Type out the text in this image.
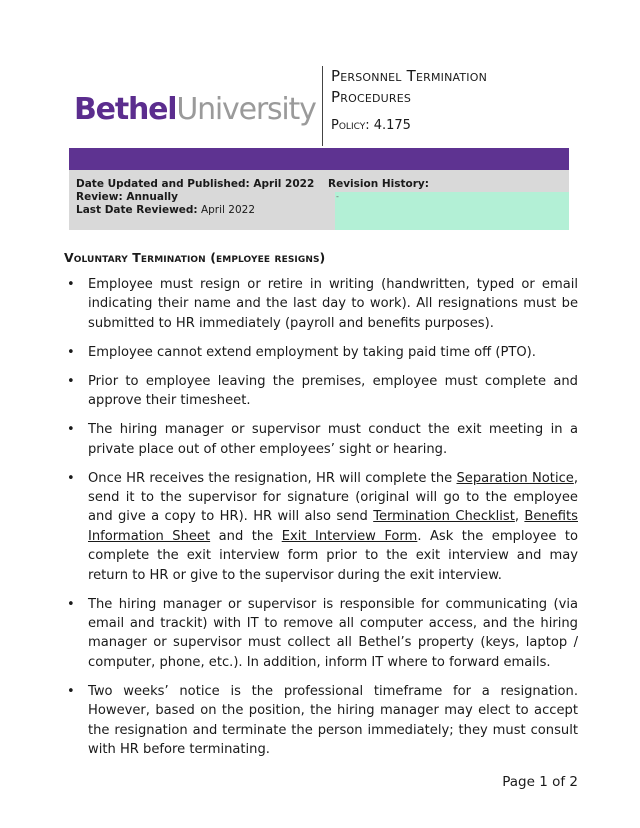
BethelUniversity
Personnel Termination
Procedures
Policy: 4.175
Date Updated and Published: April 2022
Review: Annually
Last Date Reviewed: April 2022
Revision History:
-
Voluntary Termination (employee resigns)
• Employee must resign or retire in writing (handwritten, typed or email indicating their name and the last day to work). All resignations must be submitted to HR immediately (payroll and benefits purposes).
• Employee cannot extend employment by taking paid time off (PTO).
• Prior to employee leaving the premises, employee must complete and approve their timesheet.
• The hiring manager or supervisor must conduct the exit meeting in a private place out of other employees’ sight or hearing.
• Once HR receives the resignation, HR will complete the Separation Notice, send it to the supervisor for signature (original will go to the employee and give a copy to HR). HR will also send Termination Checklist, Benefits Information Sheet and the Exit Interview Form. Ask the employee to complete the exit interview form prior to the exit interview and may return to HR or give to the supervisor during the exit interview.
• The hiring manager or supervisor is responsible for communicating (via email and trackit) with IT to remove all computer access, and the hiring manager or supervisor must collect all Bethel’s property (keys, laptop / computer, phone, etc.). In addition, inform IT where to forward emails.
• Two weeks’ notice is the professional timeframe for a resignation. However, based on the position, the hiring manager may elect to accept the resignation and terminate the person immediately; they must consult with HR before terminating.
Page 1 of 2
